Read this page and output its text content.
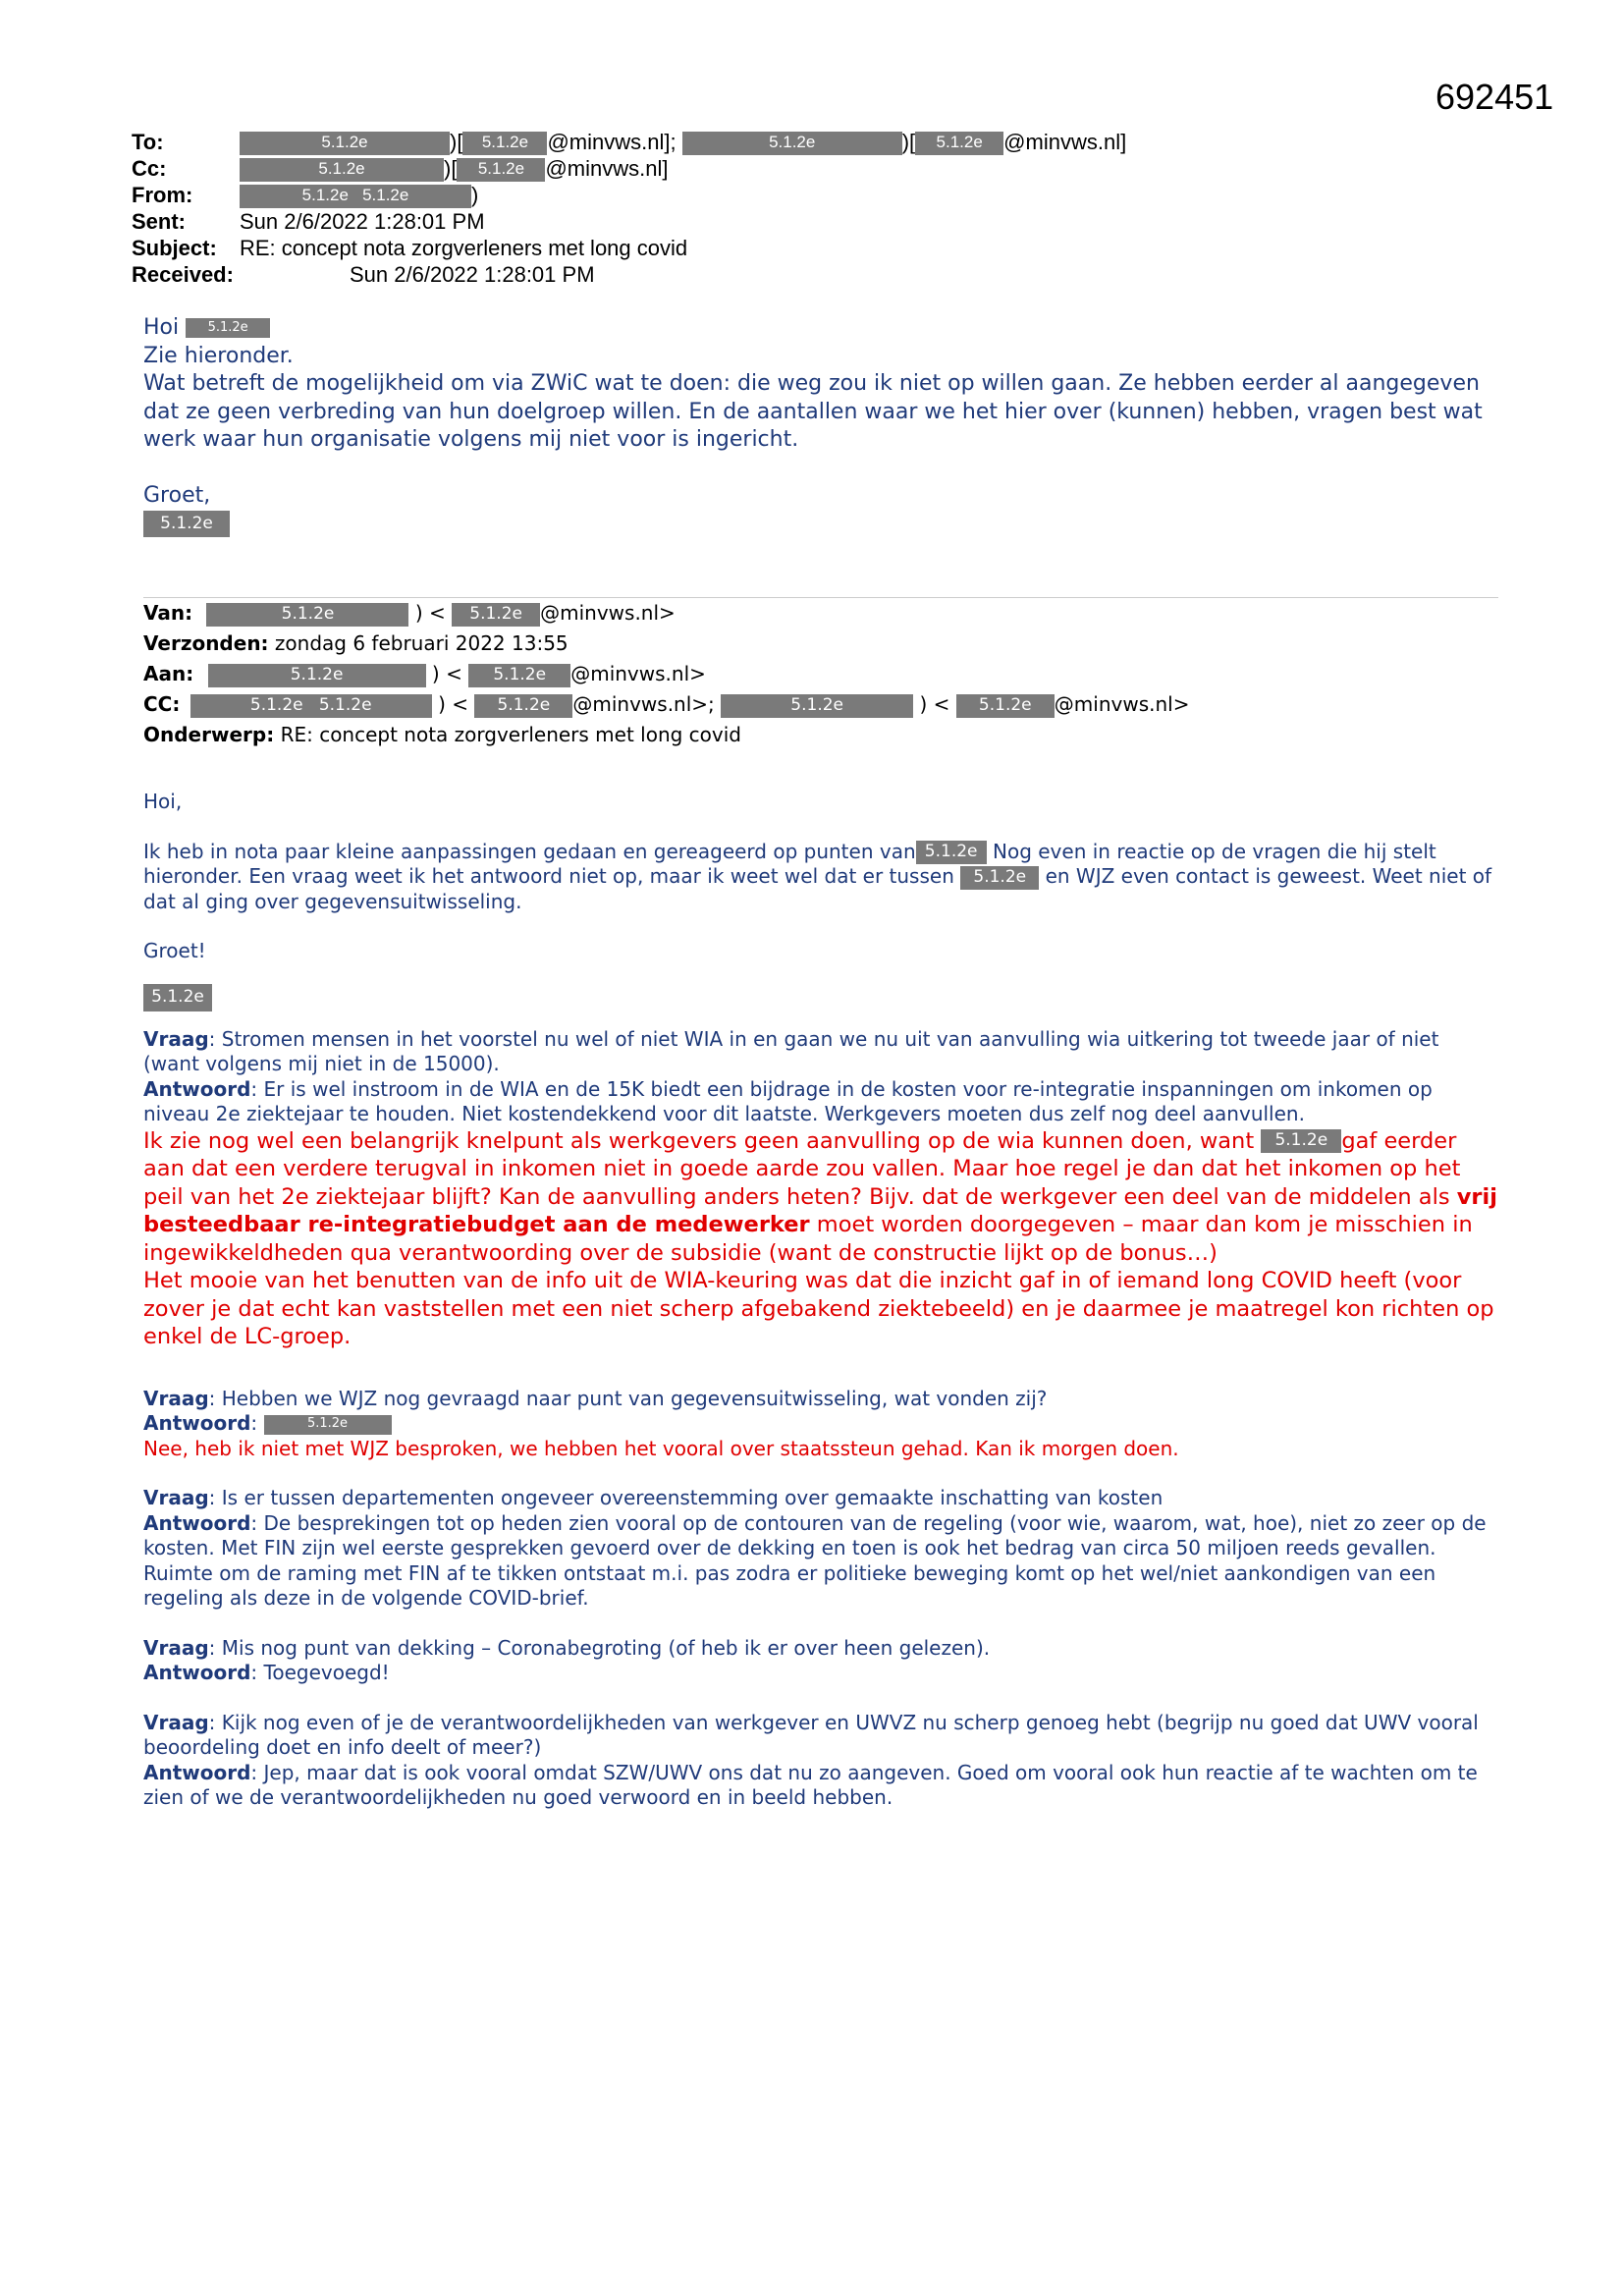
692451
To:	5.1.2e	)[ 5.1.2e @minvws.nl];	5.1.2e	)[ 5.1.2e @minvws.nl]
Cc:	5.1.2e	)[ 5.1.2e @minvws.nl]
From:	5.1.2e 5.1.2e	)
Sent:	Sun 2/6/2022 1:28:01 PM
Subject: RE: concept nota zorgverleners met long covid
Received:	Sun 2/6/2022 1:28:01 PM

Hoi 5.1.2e

Zie hieronder.

Wat betreft de mogelijkheid om via ZWiC wat te doen: die weg zou ik niet op willen gaan. Ze hebben eerder al aangegeven dat ze geen verbreding van hun doelgroep willen. En de aantallen waar we het hier over (kunnen) hebben, vragen best wat werk waar hun organisatie volgens mij niet voor is ingericht.

Groet,

5.1.2e

Van:	5.1.2e	) < 5.1.2e @minvws.nl>
Verzonden: zondag 6 februari 2022 13:55
Aan:	5.1.2e	) < 5.1.2e @minvws.nl>
CC:	5.1.2e 5.1.2e	) < 5.1.2e @minvws.nl>;	5.1.2e	) < 5.1.2e @minvws.nl>
Onderwerp: RE: concept nota zorgverleners met long covid

Hoi,

Ik heb in nota paar kleine aanpassingen gedaan en gereageerd op punten van 5.1.2e Nog even in reactie op de vragen die hij stelt hieronder. Een vraag weet ik het antwoord niet op, maar ik weet wel dat er tussen 5.1.2e en WJZ even contact is geweest. Weet niet of dat al ging over gegevensuitwisseling.

Groet!

5.1.2e

Vraag: Stromen mensen in het voorstel nu wel of niet WIA in en gaan we nu uit van aanvulling wia uitkering tot tweede jaar of niet (want volgens mij niet in de 15000).

Antwoord: Er is wel instroom in de WIA en de 15K biedt een bijdrage in de kosten voor re-integratie inspanningen om inkomen op niveau 2e ziektejaar te houden. Niet kostendekkend voor dit laatste. Werkgevers moeten dus zelf nog deel aanvullen.

Ik zie nog wel een belangrijk knelpunt als werkgevers geen aanvulling op de wia kunnen doen, want 5.1.2e gaf eerder aan dat een verdere terugval in inkomen niet in goede aarde zou vallen. Maar hoe regel je dan dat het inkomen op het peil van het 2e ziektejaar blijft? Kan de aanvulling anders heten? Bijv. dat de werkgever een deel van de middelen als vrij besteedbaar re-integratiebudget aan de medewerker moet worden doorgegeven – maar dan kom je misschien in ingewikkeldheden qua verantwoording over de subsidie (want de constructie lijkt op de bonus…)

Het mooie van het benutten van de info uit de WIA-keuring was dat die inzicht gaf in of iemand long COVID heeft (voor zover je dat echt kan vaststellen met een niet scherp afgebakend ziektebeeld) en je daarmee je maatregel kon richten op enkel de LC-groep.

Vraag: Hebben we WJZ nog gevraagd naar punt van gegevensuitwisseling, wat vonden zij?

Antwoord:	5.1.2e

Nee, heb ik niet met WJZ besproken, we hebben het vooral over staatssteun gehad. Kan ik morgen doen.

Vraag: Is er tussen departementen ongeveer overeenstemming over gemaakte inschatting van kosten

Antwoord: De besprekingen tot op heden zien vooral op de contouren van de regeling (voor wie, waarom, wat, hoe), niet zo zeer op de kosten. Met FIN zijn wel eerste gesprekken gevoerd over de dekking en toen is ook het bedrag van circa 50 miljoen reeds gevallen. Ruimte om de raming met FIN af te tikken ontstaat m.i. pas zodra er politieke beweging komt op het wel/niet aankondigen van een regeling als deze in de volgende COVID-brief.

Vraag: Mis nog punt van dekking – Coronabegroting (of heb ik er over heen gelezen).

Antwoord: Toegevoegd!

Vraag: Kijk nog even of je de verantwoordelijkheden van werkgever en UWVZ nu scherp genoeg hebt (begrijp nu goed dat UWV vooral beoordeling doet en info deelt of meer?)

Antwoord: Jep, maar dat is ook vooral omdat SZW/UWV ons dat nu zo aangeven. Goed om vooral ook hun reactie af te wachten om te zien of we de verantwoordelijkheden nu goed verwoord en in beeld hebben.
